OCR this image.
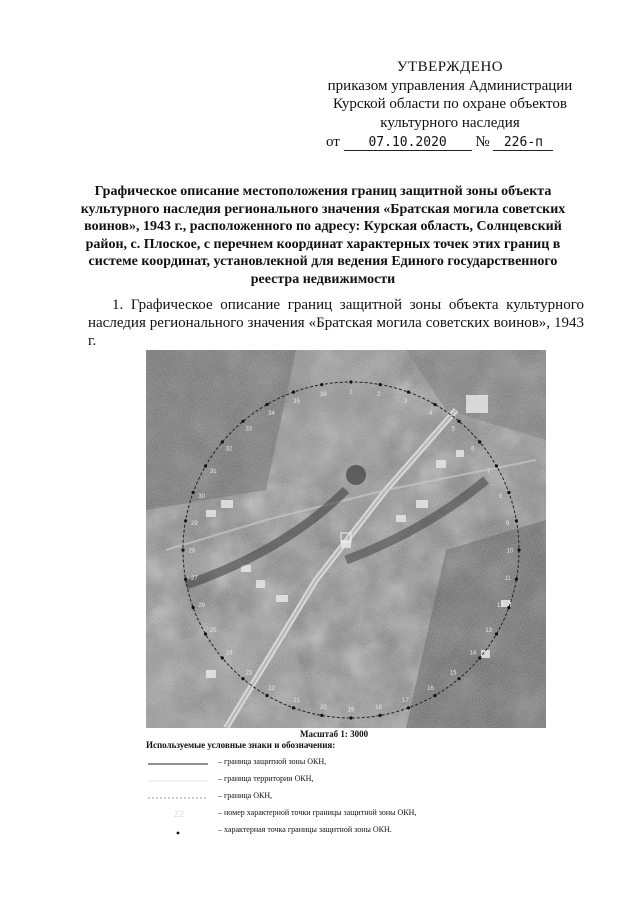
УТВЕРЖДЕНО
приказом управления Администрации
Курской области по охране объектов
культурного наследия
от 07.10.2020 № 226-п
Графическое описание местоположения границ защитной зоны объекта культурного наследия регионального значения «Братская могила советских воинов», 1943 г., расположенного по адресу: Курская область, Солнцевский район, с. Плоское, с перечнем координат характерных точек этих границ в системе координат, установлекной для ведения Единого государственного реестра недвижимости
1. Графическое описание границ защитной зоны объекта культурного наследия регионального значения «Братская могила советских воинов», 1943 г.
1	2
3
4
5
6
7
8
9
10
11
12
13
14
15
16
17
18
19
20
21
22
23
24
25
26
27
28
29
30
31
32
33
34
35
36
Масштаб 1: 3000
Используемые условные знаки и обозначения:
– граница защитной зоны ОКН,
– граница территории ОКН,
– граница ОКН,
22	– номер характерной точки границы защитной зоны ОКН,
– характерная точка границы защитной зоны ОКН.
